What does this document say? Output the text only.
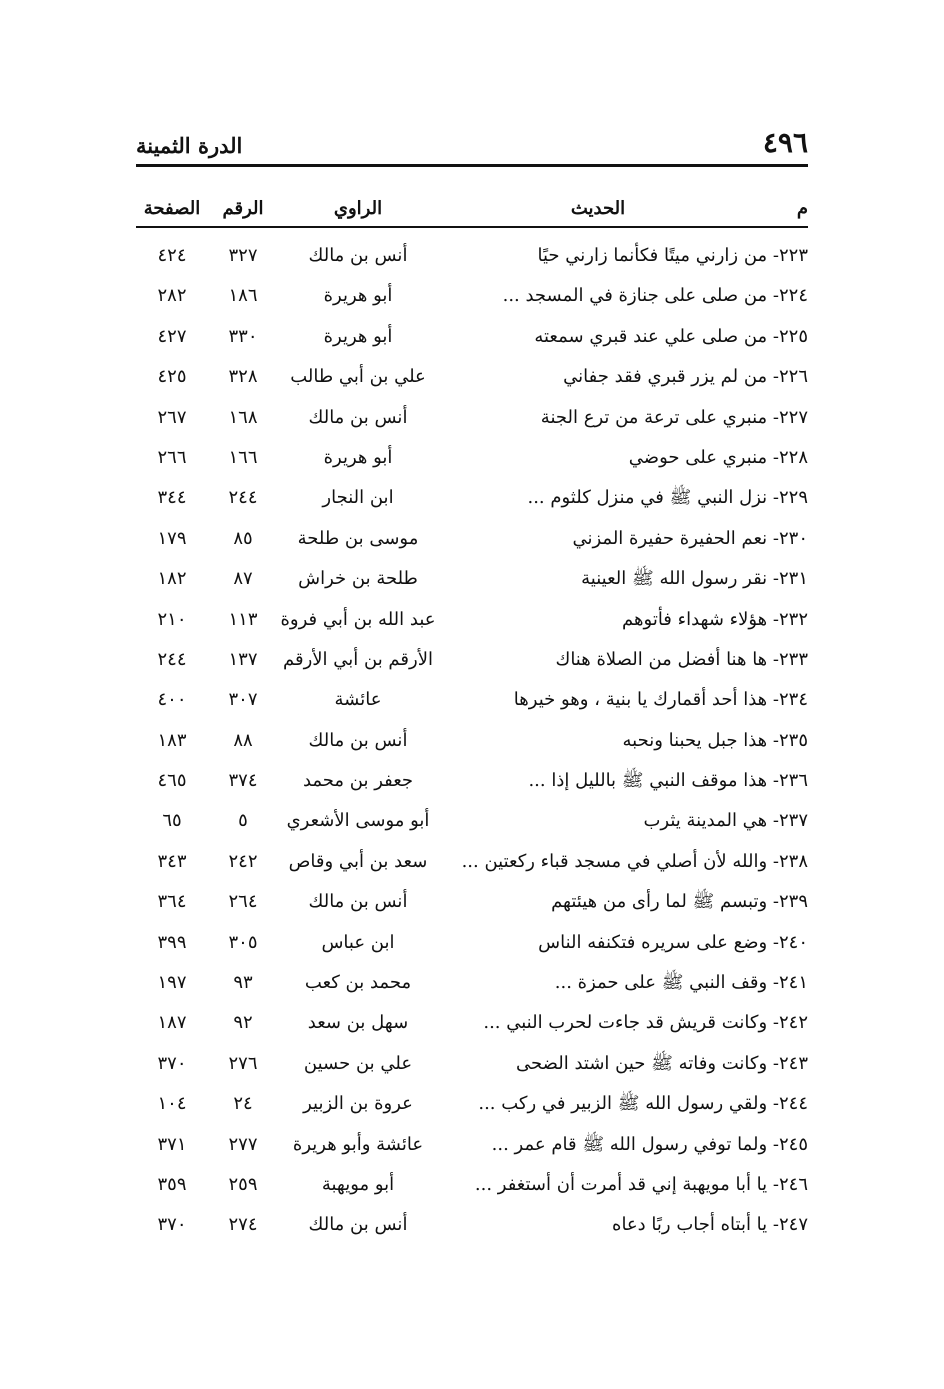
٤٩٦
الدرة الثمينة
م
الحديث
الراوي
الرقم
الصفحة
٢٢٣- من زارني ميتًا فكأنما زارني حيًا
أنس بن مالك
٣٢٧
٤٢٤
٢٢٤- من صلى على جنازة في المسجد ...
أبو هريرة
١٨٦
٢٨٢
٢٢٥- من صلى علي عند قبري سمعته
أبو هريرة
٣٣٠
٤٢٧
٢٢٦- من لم يزر قبري فقد جفاني
علي بن أبي طالب
٣٢٨
٤٢٥
٢٢٧- منبري على ترعة من ترع الجنة
أنس بن مالك
١٦٨
٢٦٧
٢٢٨- منبري على حوضي
أبو هريرة
١٦٦
٢٦٦
٢٢٩- نزل النبي ﷺ في منزل كلثوم ...
ابن النجار
٢٤٤
٣٤٤
٢٣٠- نعم الحفيرة حفيرة المزني
موسى بن طلحة
٨٥
١٧٩
٢٣١- نقر رسول الله ﷺ العينية
طلحة بن خراش
٨٧
١٨٢
٢٣٢- هؤلاء شهداء فأتوهم
عبد الله بن أبي فروة
١١٣
٢١٠
٢٣٣- ها هنا أفضل من الصلاة هناك
الأرقم بن أبي الأرقم
١٣٧
٢٤٤
٢٣٤- هذا أحد أقمارك يا بنية ، وهو خيرها
عائشة
٣٠٧
٤٠٠
٢٣٥- هذا جبل يحبنا ونحبه
أنس بن مالك
٨٨
١٨٣
٢٣٦- هذا موقف النبي ﷺ بالليل إذا ...
جعفر بن محمد
٣٧٤
٤٦٥
٢٣٧- هي المدينة يثرب
أبو موسى الأشعري
٥
٦٥
٢٣٨- والله لأن أصلي في مسجد قباء ركعتين ...
سعد بن أبي وقاص
٢٤٢
٣٤٣
٢٣٩- وتبسم ﷺ لما رأى من هيئتهم
أنس بن مالك
٢٦٤
٣٦٤
٢٤٠- وضع على سريره فتكنفه الناس
ابن عباس
٣٠٥
٣٩٩
٢٤١- وقف النبي ﷺ على حمزة ...
محمد بن كعب
٩٣
١٩٧
٢٤٢- وكانت قريش قد جاءت لحرب النبي ...
سهل بن سعد
٩٢
١٨٧
٢٤٣- وكانت وفاته ﷺ حين اشتد الضحى
علي بن حسين
٢٧٦
٣٧٠
٢٤٤- ولقي رسول الله ﷺ الزبير في ركب ...
عروة بن الزبير
٢٤
١٠٤
٢٤٥- ولما توفي رسول الله ﷺ قام عمر ...
عائشة وأبو هريرة
٢٧٧
٣٧١
٢٤٦- يا أبا مويهبة إني قد أمرت أن أستغفر ...
أبو مويهبة
٢٥٩
٣٥٩
٢٤٧- يا أبتاه أجاب ربًا دعاه
أنس بن مالك
٢٧٤
٣٧٠
